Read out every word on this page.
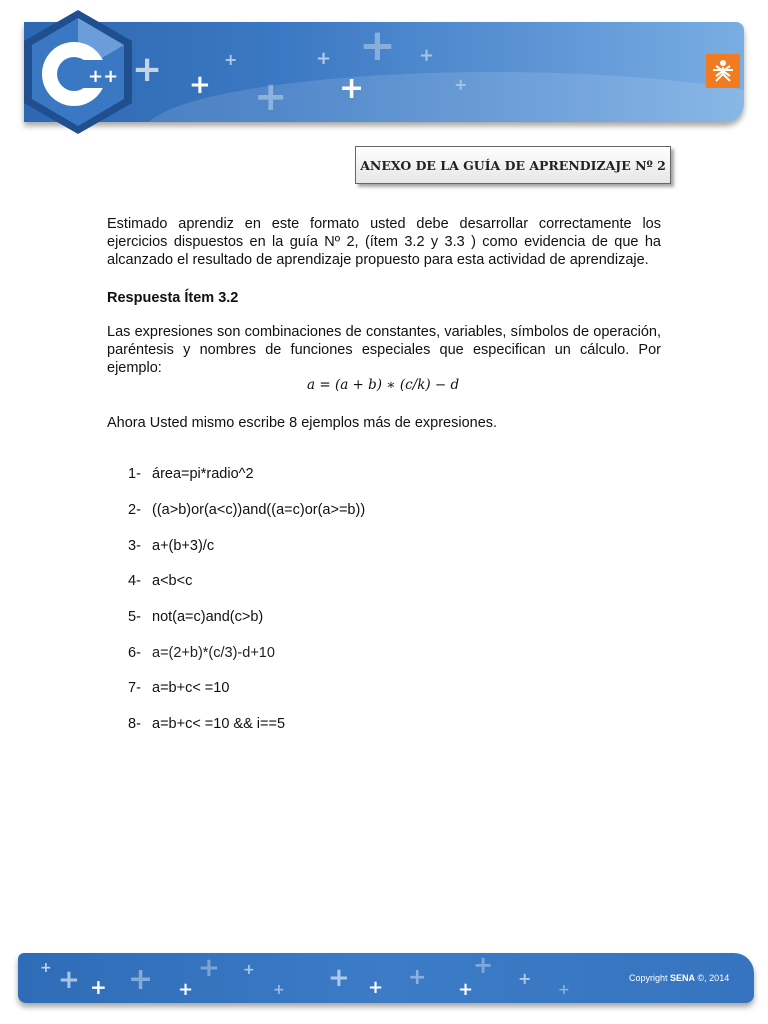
+ + + +
+
+
+	+
+
++
ANEXO DE LA GUÍA DE APRENDIZAJE Nº 2
Estimado aprendiz en este formato usted debe desarrollar correctamente los ejercicios dispuestos en la guía Nº 2, (ítem 3.2 y 3.3 ) como evidencia de que ha alcanzado el resultado de aprendizaje propuesto para esta actividad de aprendizaje.
Respuesta Ítem 3.2
Las expresiones son combinaciones de constantes, variables, símbolos de operación, paréntesis y nombres de funciones especiales que especifican un cálculo. Por ejemplo:
a = (a + b) ∗ (c/k) − d
Ahora Usted mismo escribe 8 ejemplos más de expresiones.
1- área=pi*radio^2
2- ((a>b)or(a<c))and((a=c)or(a>=b))
3- a+(b+3)/c
4- a<b<c
5- not(a=c)and(c>b)
6- a=(2+b)*(c/3)-d+10
7- a=b+c< =10
8- a=b+c< =10 && i==5
+ + + + +
+ +
+ + + + +
+ +
+
Copyright SENA ©, 2014
